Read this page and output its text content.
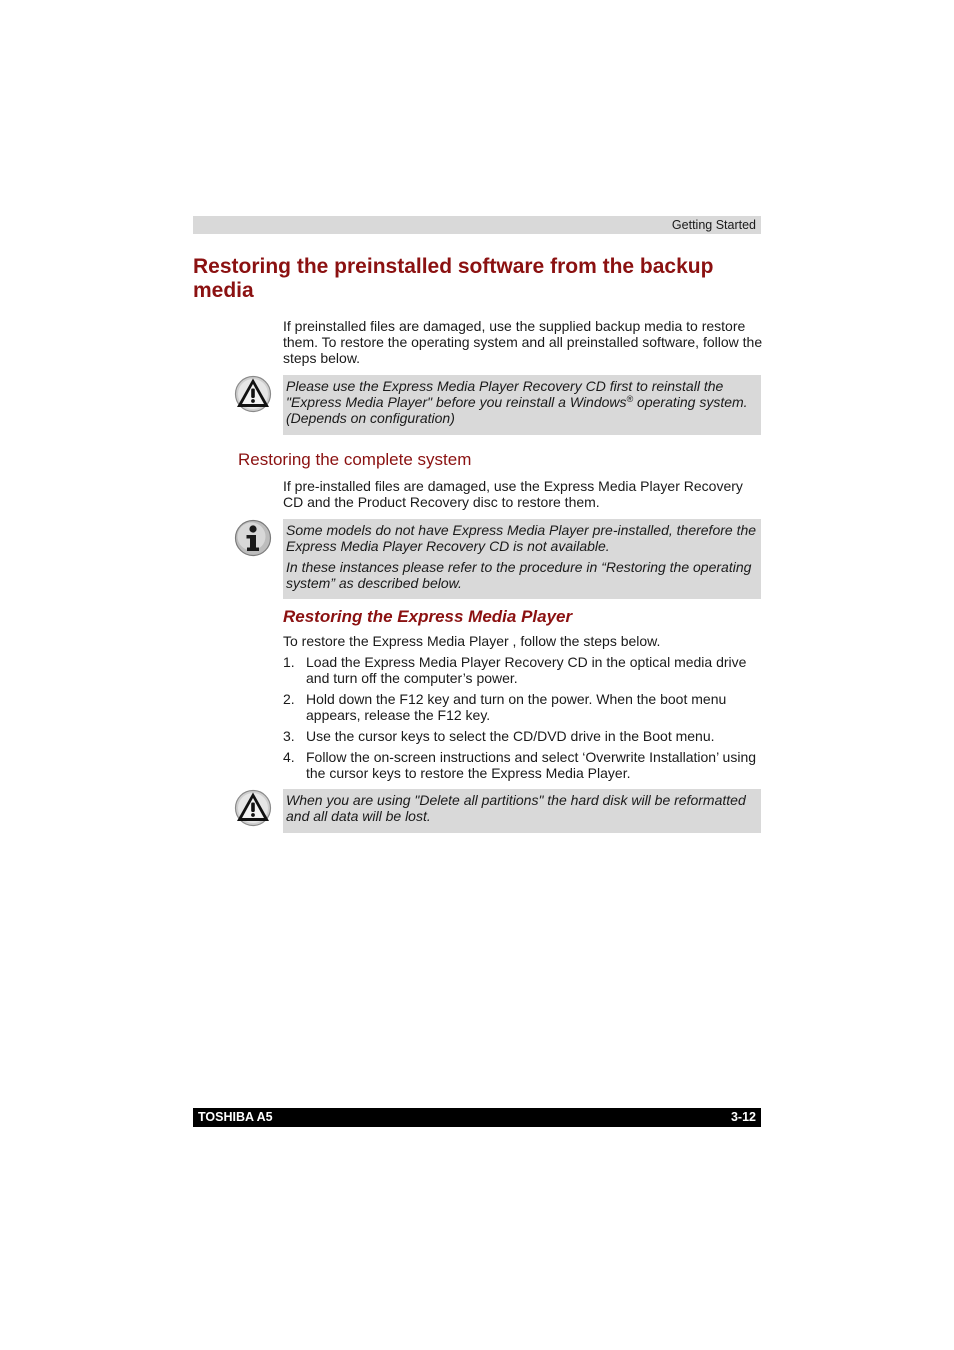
Getting Started
Restoring the preinstalled software from the backup media

If preinstalled files are damaged, use the supplied backup media to restore them. To restore the operating system and all preinstalled software, follow the steps below.

Please use the Express Media Player Recovery CD first to reinstall the "Express Media Player" before you reinstall a Windows® operating system. (Depends on configuration)

Restoring the complete system

If pre-installed files are damaged, use the Express Media Player Recovery CD and the Product Recovery disc to restore them.

Some models do not have Express Media Player pre-installed, therefore the Express Media Player Recovery CD is not available.

In these instances please refer to the procedure in “Restoring the operating system” as described below.

Restoring the Express Media Player

To restore the Express Media Player , follow the steps below.

1. Load the Express Media Player Recovery CD in the optical media drive and turn off the computer’s power.
2. Hold down the F12 key and turn on the power. When the boot menu appears, release the F12 key.
3. Use the cursor keys to select the CD/DVD drive in the Boot menu.
4. Follow the on-screen instructions and select ‘Overwrite Installation’ using the cursor keys to restore the Express Media Player.

When you are using "Delete all partitions" the hard disk will be reformatted and all data will be lost.

TOSHIBA A5	3-12
